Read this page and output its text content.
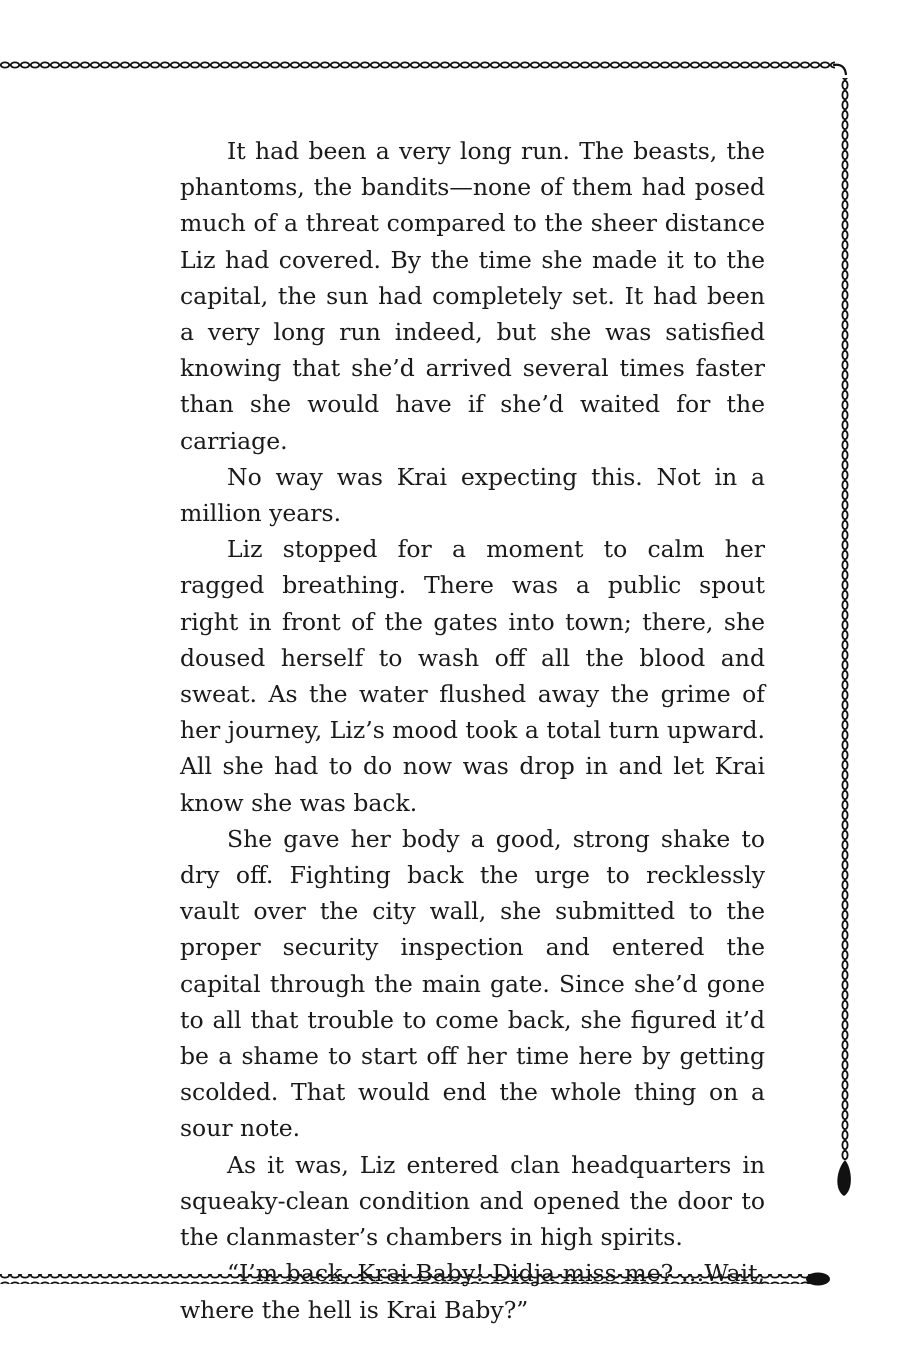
It had been a very long run. The beasts, the phantoms, the bandits—none of them had posed much of a threat compared to the sheer distance Liz had covered. By the time she made it to the capital, the sun had completely set. It had been a very long run indeed, but she was satisfied knowing that she’d arrived several times faster than she would have if she’d waited for the carriage.

No way was Krai expecting this. Not in a million years.

Liz stopped for a moment to calm her ragged breathing. There was a public spout right in front of the gates into town; there, she doused herself to wash off all the blood and sweat. As the water flushed away the grime of her journey, Liz’s mood took a total turn upward. All she had to do now was drop in and let Krai know she was back.

She gave her body a good, strong shake to dry off. Fighting back the urge to recklessly vault over the city wall, she submitted to the proper security inspection and entered the capital through the main gate. Since she’d gone to all that trouble to come back, she figured it’d be a shame to start off her time here by getting scolded. That would end the whole thing on a sour note.

As it was, Liz entered clan headquarters in squeaky-clean condition and opened the door to the clanmaster’s chambers in high spirits.

“I’m back, Krai Baby! Didja miss me? …Wait, where the hell is Krai Baby?”
